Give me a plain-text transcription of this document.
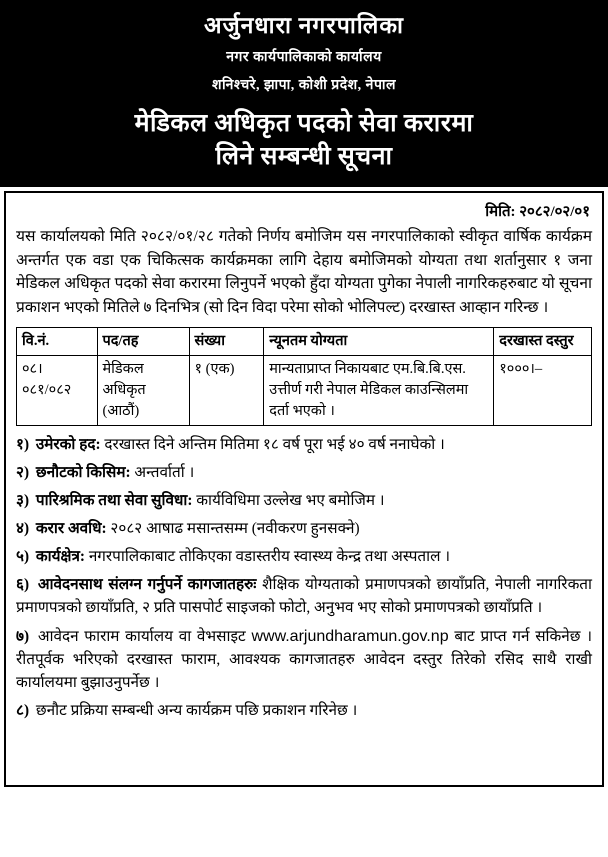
अर्जुनधारा नगरपालिका
नगर कार्यपालिकाको कार्यालय
शनिश्चरे, झापा, कोशी प्रदेश, नेपाल
मेडिकल अधिकृत पदको सेवा करारमा
लिने सम्बन्धी सूचना
मिति: २०८२/०२/०१
यस कार्यालयको मिति २०८२/०१/२८ गतेको निर्णय बमोजिम यस नगरपालिकाको स्वीकृत वार्षिक कार्यक्रम अन्तर्गत एक वडा एक चिकित्सक कार्यक्रमका लागि देहाय बमोजिमको योग्यता तथा शर्तानुसार १ जना मेडिकल अधिकृत पदको सेवा करारमा लिनुपर्ने भएको हुँदा योग्यता पुगेका नेपाली नागरिकहरुबाट यो सूचना प्रकाशन भएको मितिले ७ दिनभित्र (सो दिन विदा परेमा सोको भोलिपल्ट) दरखास्त आव्हान गरिन्छ ।
वि.नं.	पद/तह	संख्या	न्यूनतम योग्यता	दरखास्त दस्तुर
०८।०८१/०८२	मेडिकल अधिकृत (आठौं)	१ (एक)	मान्यताप्राप्त निकायबाट एम.बि.बि.एस. उत्तीर्ण गरी नेपाल मेडिकल काउन्सिलमा दर्ता भएको ।	१०००।–
१) उमेरको हद: दरखास्त दिने अन्तिम मितिमा १८ वर्ष पूरा भई ४० वर्ष ननाघेको ।
२) छनौटको किसिम: अन्तर्वार्ता ।
३) पारिश्रमिक तथा सेवा सुविधा: कार्यविधिमा उल्लेख भए बमोजिम ।
४) करार अवधि: २०८२ आषाढ मसान्तसम्म (नवीकरण हुनसक्ने)
५) कार्यक्षेत्र: नगरपालिकाबाट तोकिएका वडास्तरीय स्वास्थ्य केन्द्र तथा अस्पताल ।
६) आवेदनसाथ संलग्न गर्नुपर्ने कागजातहरुः शैक्षिक योग्यताको प्रमाणपत्रको छायाँप्रति, नेपाली नागरिकता प्रमाणपत्रको छायाँप्रति, २ प्रति पासपोर्ट साइजको फोटो, अनुभव भए सोको प्रमाणपत्रको छायाँप्रति ।
७) आवेदन फाराम कार्यालय वा वेभसाइट www.arjundharamun.gov.np बाट प्राप्त गर्न सकिनेछ । रीतपूर्वक भरिएको दरखास्त फाराम, आवश्यक कागजातहरु आवेदन दस्तुर तिरेको रसिद साथै राखी कार्यालयमा बुझाउनुपर्नेछ ।
८) छनौट प्रक्रिया सम्बन्धी अन्य कार्यक्रम पछि प्रकाशन गरिनेछ ।
